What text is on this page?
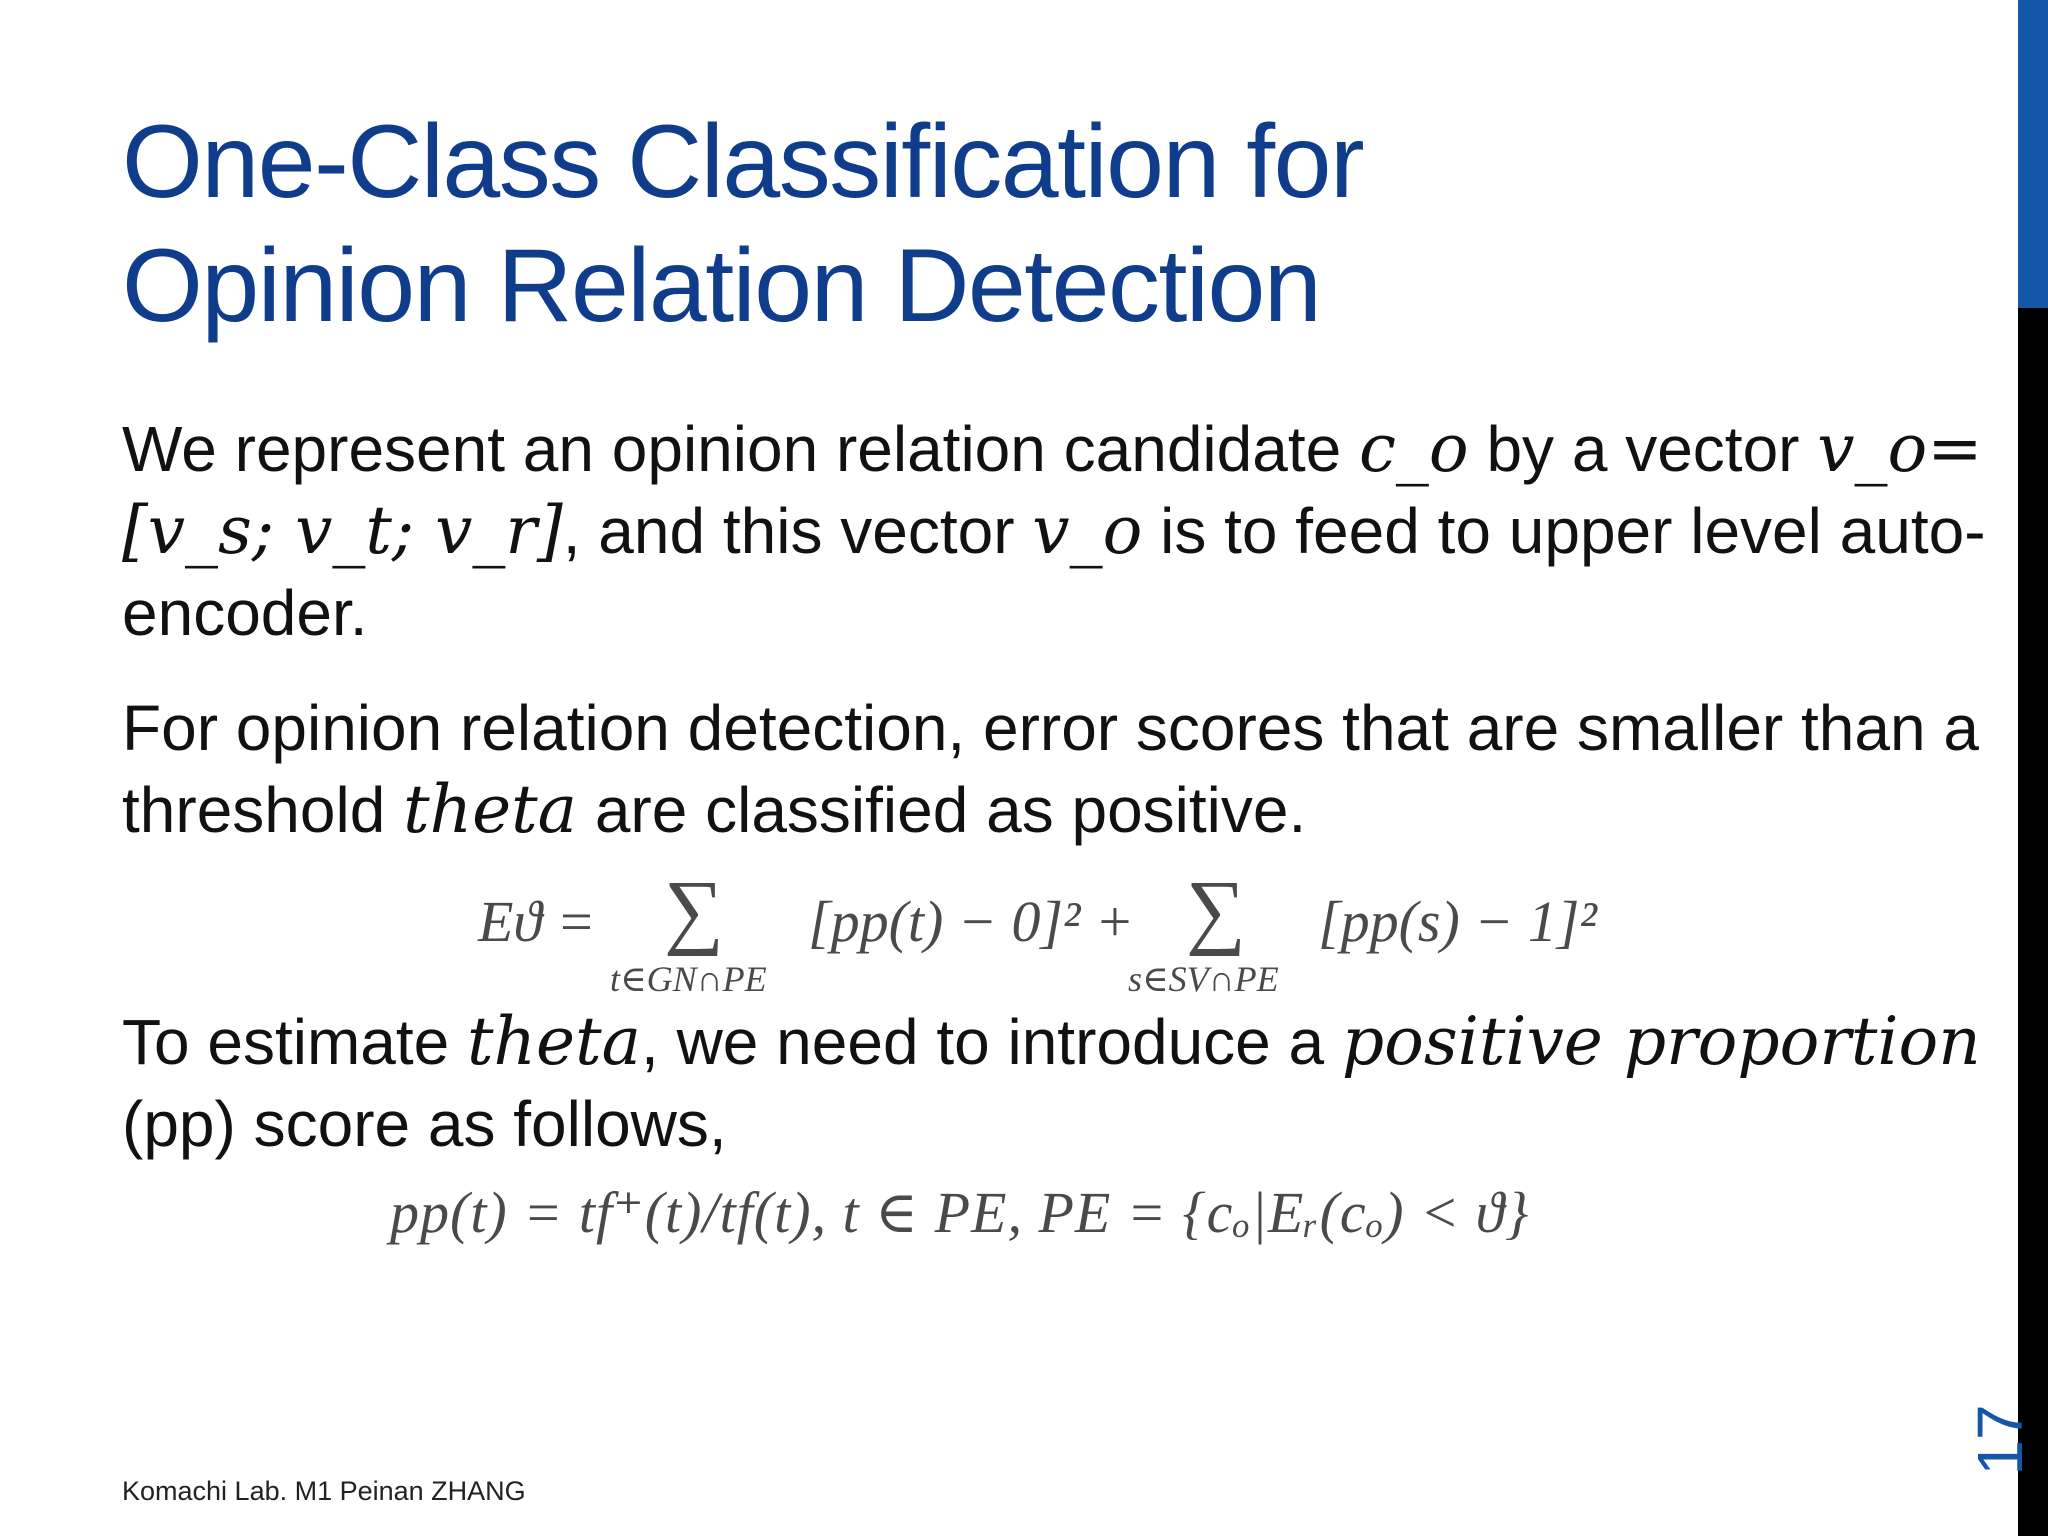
One-Class Classification for
Opinion Relation Detection

We represent an opinion relation candidate c_o by a vector v_o=[v_s; v_t; v_r], and this vector v_o is to feed to upper level auto-encoder.

For opinion relation detection, error scores that are smaller than a threshold theta are classified as positive.

Eϑ = ∑
t∈GN∩PE
[pp(t) − 0]² + ∑
s∈SV∩PE
[pp(s) − 1]²

To estimate theta, we need to introduce a positive proportion (pp) score as follows,

pp(t) = tf⁺(t)/tf(t), t ∈ PE, PE = {cₒ|Eᵣ(cₒ) < ϑ}
Komachi Lab. M1 Peinan ZHANG
17
